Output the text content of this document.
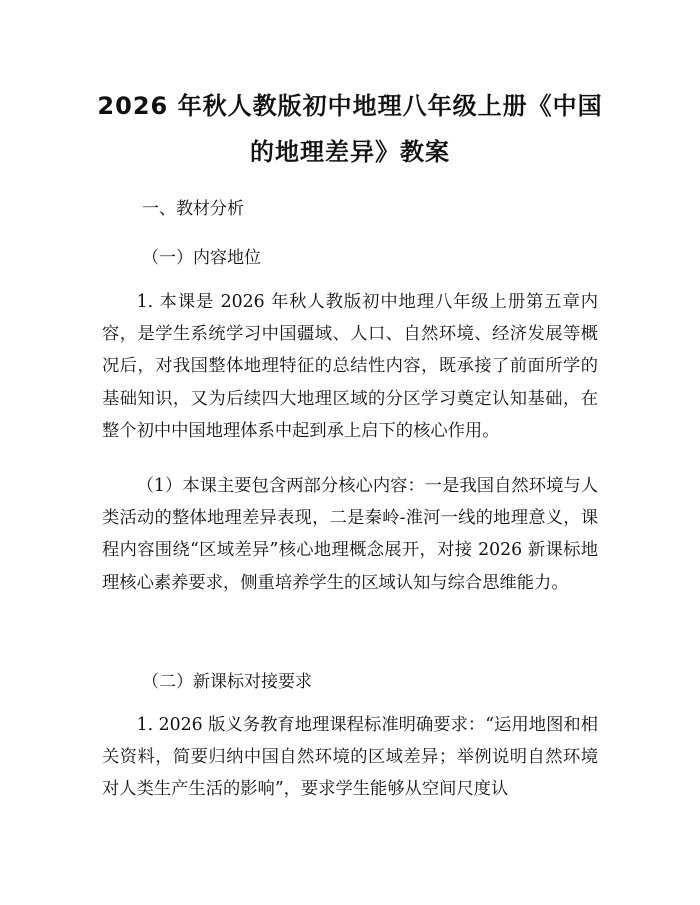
2026 年秋人教版初中地理八年级上册《中国
的地理差异》教案
一、教材分析
（一）内容地位

1. 本课是 2026 年秋人教版初中地理八年级上册第五章内容，是学生系统学习中国疆域、人口、自然环境、经济发展等概况后，对我国整体地理特征的总结性内容，既承接了前面所学的基础知识，又为后续四大地理区域的分区学习奠定认知基础，在整个初中中国地理体系中起到承上启下的核心作用。

（1）本课主要包含两部分核心内容：一是我国自然环境与人类活动的整体地理差异表现，二是秦岭-淮河一线的地理意义，课程内容围绕“区域差异”核心地理概念展开，对接 2026 新课标地理核心素养要求，侧重培养学生的区域认知与综合思维能力。

（二）新课标对接要求

1. 2026 版义务教育地理课程标准明确要求：“运用地图和相关资料，简要归纳中国自然环境的区域差异；举例说明自然环境对人类生产生活的影响”，要求学生能够从空间尺度认
